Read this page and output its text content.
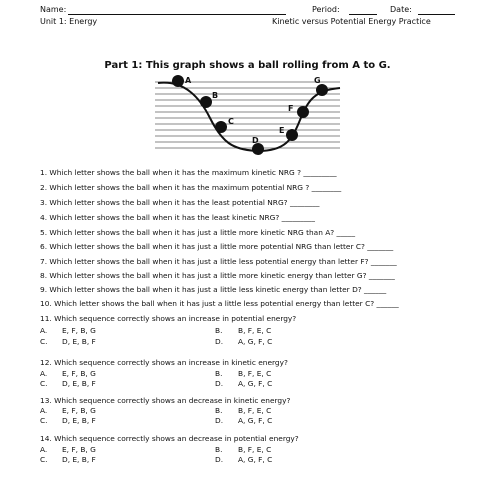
Name:	Period:	Date:
Unit 1: Energy	Kinetic versus Potential Energy Practice
Part 1: This graph shows a ball rolling from A to G.
A
B
C
D
E
F
G
1. Which letter shows the ball when it has the maximum kinetic NRG ? _________
2. Which letter shows the ball when it has the maximum potential NRG ? ________
3. Which letter shows the ball when it has the least potential NRG? ________
4. Which letter shows the ball when it has the least kinetic NRG? _________
5. Which letter shows the ball when it has just a little more kinetic NRG than A? _____
6. Which letter shows the ball when it has just a little more potential NRG than letter C? _______
7. Which letter shows the ball when it has just a little less potential energy than letter F? _______
8. Which letter shows the ball when it has just a little more kinetic energy than letter G? _______
9. Which letter shows the ball when it has just a little less kinetic energy than letter D? ______
10. Which letter shows the ball when it has just a little less potential energy than letter C? ______
11. Which sequence correctly shows an increase in potential energy?
A. E, F, B, G	B. B, F, E, C
C. D, E, B, F	D. A, G, F, C
12. Which sequence correctly shows an increase in kinetic energy?
A. E, F, B, G	B. B, F, E, C
C. D, E, B, F	D. A, G, F, C
13. Which sequence correctly shows an decrease in kinetic energy?
A. E, F, B, G	B. B, F, E, C
C. D, E, B, F	D. A, G, F, C
14. Which sequence correctly shows an decrease in potential energy?
A. E, F, B, G	B. B, F, E, C
C. D, E, B, F	D. A, G, F, C
